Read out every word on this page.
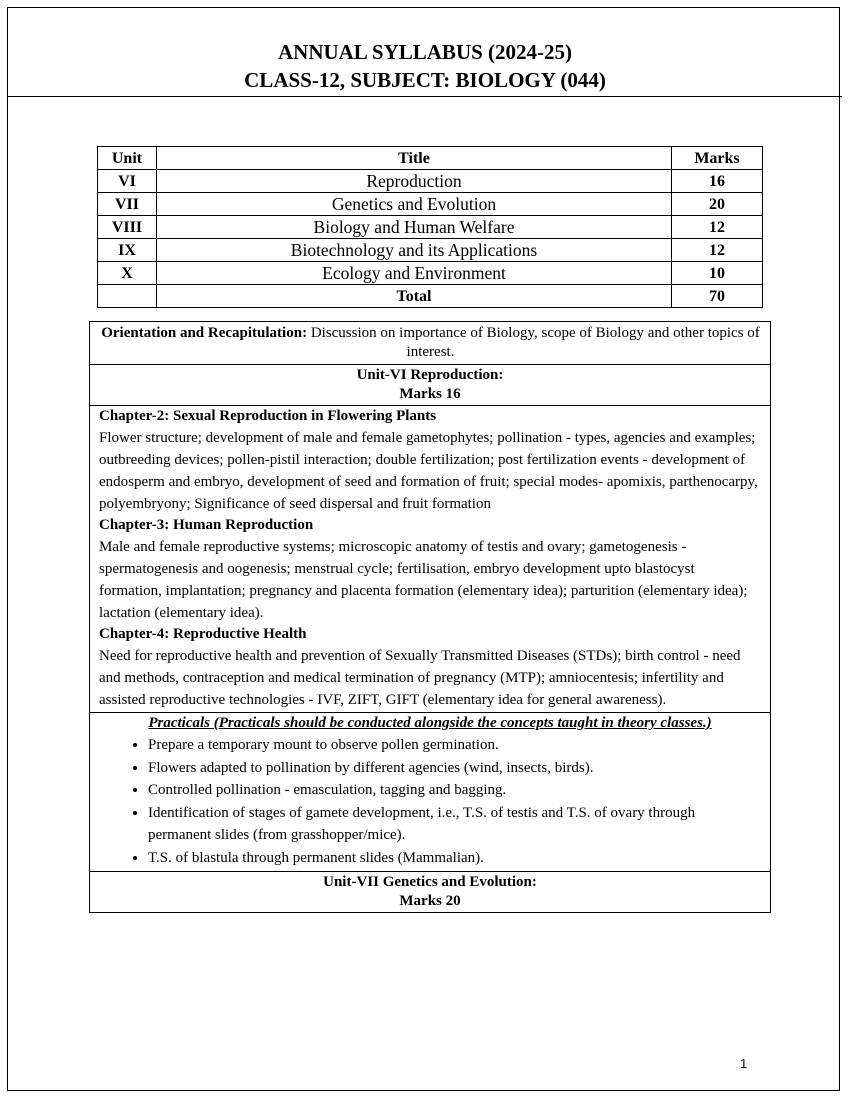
ANNUAL SYLLABUS (2024-25)
CLASS-12, SUBJECT: BIOLOGY (044)
Unit	Title	Marks
VI	Reproduction	16
VII	Genetics and Evolution	20
VIII	Biology and Human Welfare	12
IX	Biotechnology and its Applications	12
X	Ecology and Environment	10
	Total	70
Orientation and Recapitulation: Discussion on importance of Biology, scope of Biology and other topics of interest.
Unit-VI Reproduction:
Marks 16
Chapter-2: Sexual Reproduction in Flowering Plants
Flower structure; development of male and female gametophytes; pollination - types, agencies and examples; outbreeding devices; pollen-pistil interaction; double fertilization; post fertilization events - development of endosperm and embryo, development of seed and formation of fruit; special modes- apomixis, parthenocarpy, polyembryony; Significance of seed dispersal and fruit formation
Chapter-3: Human Reproduction
Male and female reproductive systems; microscopic anatomy of testis and ovary; gametogenesis - spermatogenesis and oogenesis; menstrual cycle; fertilisation, embryo development upto blastocyst formation, implantation; pregnancy and placenta formation (elementary idea); parturition (elementary idea); lactation (elementary idea).
Chapter-4: Reproductive Health
Need for reproductive health and prevention of Sexually Transmitted Diseases (STDs); birth control - need and methods, contraception and medical termination of pregnancy (MTP); amniocentesis; infertility and assisted reproductive technologies - IVF, ZIFT, GIFT (elementary idea for general awareness).
Practicals (Practicals should be conducted alongside the concepts taught in theory classes.)
• Prepare a temporary mount to observe pollen germination.
• Flowers adapted to pollination by different agencies (wind, insects, birds).
• Controlled pollination - emasculation, tagging and bagging.
• Identification of stages of gamete development, i.e., T.S. of testis and T.S. of ovary through permanent slides (from grasshopper/mice).
• T.S. of blastula through permanent slides (Mammalian).
Unit-VII Genetics and Evolution:
Marks 20
1
